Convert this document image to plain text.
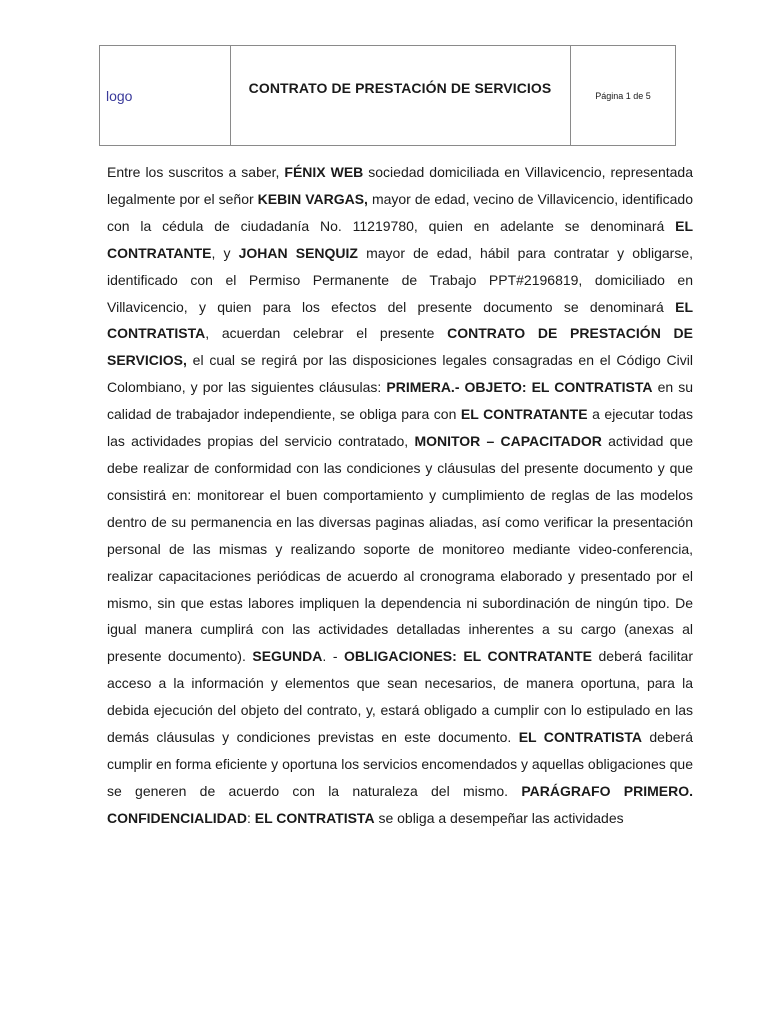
logo	CONTRATO DE PRESTACIÓN DE SERVICIOS	Página 1 de 5

Entre los suscritos a saber, FÉNIX WEB sociedad domiciliada en Villavicencio, representada legalmente por el señor KEBIN VARGAS, mayor de edad, vecino de Villavicencio, identificado con la cédula de ciudadanía No. 11219780, quien en adelante se denominará EL CONTRATANTE, y JOHAN SENQUIZ mayor de edad, hábil para contratar y obligarse, identificado con el Permiso Permanente de Trabajo PPT#2196819, domiciliado en Villavicencio, y quien para los efectos del presente documento se denominará EL CONTRATISTA, acuerdan celebrar el presente CONTRATO DE PRESTACIÓN DE SERVICIOS, el cual se regirá por las disposiciones legales consagradas en el Código Civil Colombiano, y por las siguientes cláusulas: PRIMERA.- OBJETO: EL CONTRATISTA en su calidad de trabajador independiente, se obliga para con EL CONTRATANTE a ejecutar todas las actividades propias del servicio contratado, MONITOR – CAPACITADOR actividad que debe realizar de conformidad con las condiciones y cláusulas del presente documento y que consistirá en: monitorear el buen comportamiento y cumplimiento de reglas de las modelos dentro de su permanencia en las diversas paginas aliadas, así como verificar la presentación personal de las mismas y realizando soporte de monitoreo mediante video-conferencia, realizar capacitaciones periódicas de acuerdo al cronograma elaborado y presentado por el mismo, sin que estas labores impliquen la dependencia ni subordinación de ningún tipo. De igual manera cumplirá con las actividades detalladas inherentes a su cargo (anexas al presente documento). SEGUNDA. - OBLIGACIONES: EL CONTRATANTE deberá facilitar acceso a la información y elementos que sean necesarios, de manera oportuna, para la debida ejecución del objeto del contrato, y, estará obligado a cumplir con lo estipulado en las demás cláusulas y condiciones previstas en este documento. EL CONTRATISTA deberá cumplir en forma eficiente y oportuna los servicios encomendados y aquellas obligaciones que se generen de acuerdo con la naturaleza del mismo. PARÁGRAFO PRIMERO. CONFIDENCIALIDAD: EL CONTRATISTA se obliga a desempeñar las actividades
